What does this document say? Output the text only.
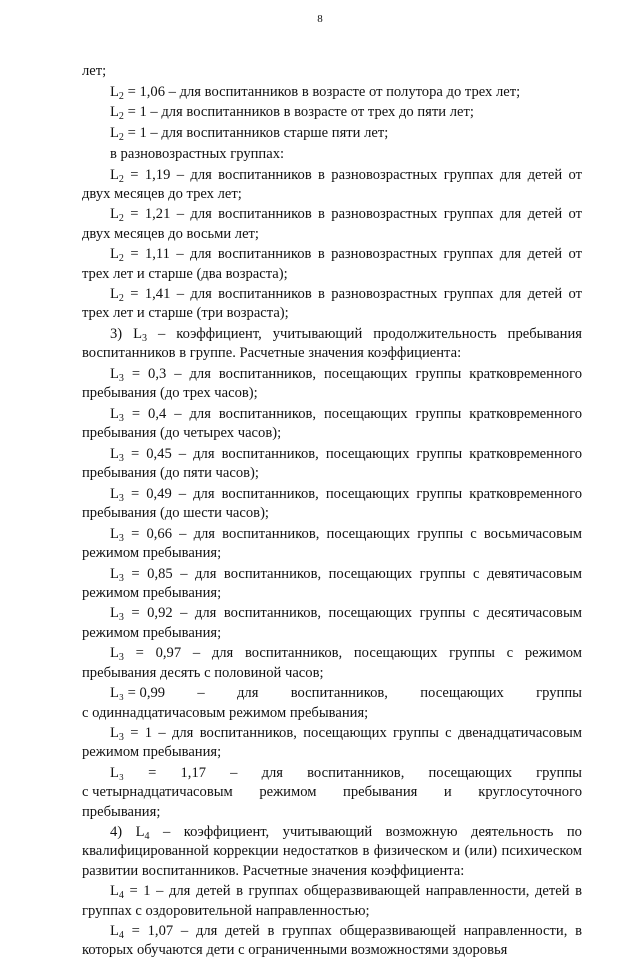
8

лет;

$L_2 = 1,06$ – для воспитанников в возрасте от полутора до трех лет;

$L_2 = 1$ – для воспитанников в возрасте от трех до пяти лет;

$L_2 = 1$ – для воспитанников старше пяти лет;

в разновозрастных группах:

$L_2 = 1,19$ – для воспитанников в разновозрастных группах для детей от двух месяцев до трех лет;

$L_2 = 1,21$ – для воспитанников в разновозрастных группах для детей от двух месяцев до восьми лет;

$L_2 = 1,11$ – для воспитанников в разновозрастных группах для детей от трех лет и старше (два возраста);

$L_2 = 1,41$ – для воспитанников в разновозрастных группах для детей от трех лет и старше (три возраста);

3) $L_3$ – коэффициент, учитывающий продолжительность пребывания воспитанников в группе. Расчетные значения коэффициента:

$L_3 = 0,3$ – для воспитанников, посещающих группы кратковременного пребывания (до трех часов);

$L_3 = 0,4$ – для воспитанников, посещающих группы кратковременного пребывания (до четырех часов);

$L_3 = 0,45$ – для воспитанников, посещающих группы кратковременного пребывания (до пяти часов);

$L_3 = 0,49$ – для воспитанников, посещающих группы кратковременного пребывания (до шести часов);

$L_3 = 0,66$ – для воспитанников, посещающих группы с восьмичасовым режимом пребывания;

$L_3 = 0,85$ – для воспитанников, посещающих группы с девятичасовым режимом пребывания;

$L_3 = 0,92$ – для воспитанников, посещающих группы с десятичасовым режимом пребывания;

$L_3 = 0,97$ – для воспитанников, посещающих группы с режимом пребывания десять с половиной часов;

L₃ = 0,99 – для воспитанников, посещающих группы

с одиннадцатичасовым режимом пребывания;

$L_3 = 1$ – для воспитанников, посещающих группы с двенадцатичасовым режимом пребывания;

L₃ = 1,17 – для воспитанников, посещающих группы
с четырнадцатичасовым режимом пребывания и круглосуточного

пребывания;

4) $L_4$ – коэффициент, учитывающий возможную деятельность по квалифицированной коррекции недостатков в физическом и (или) психическом развитии воспитанников. Расчетные значения коэффициента:

$L_4 = 1$ – для детей в группах общеразвивающей направленности, детей в группах с оздоровительной направленностью;

$L_4 = 1,07$ – для детей в группах общеразвивающей направленности, в которых обучаются дети с ограниченными возможностями здоровья
